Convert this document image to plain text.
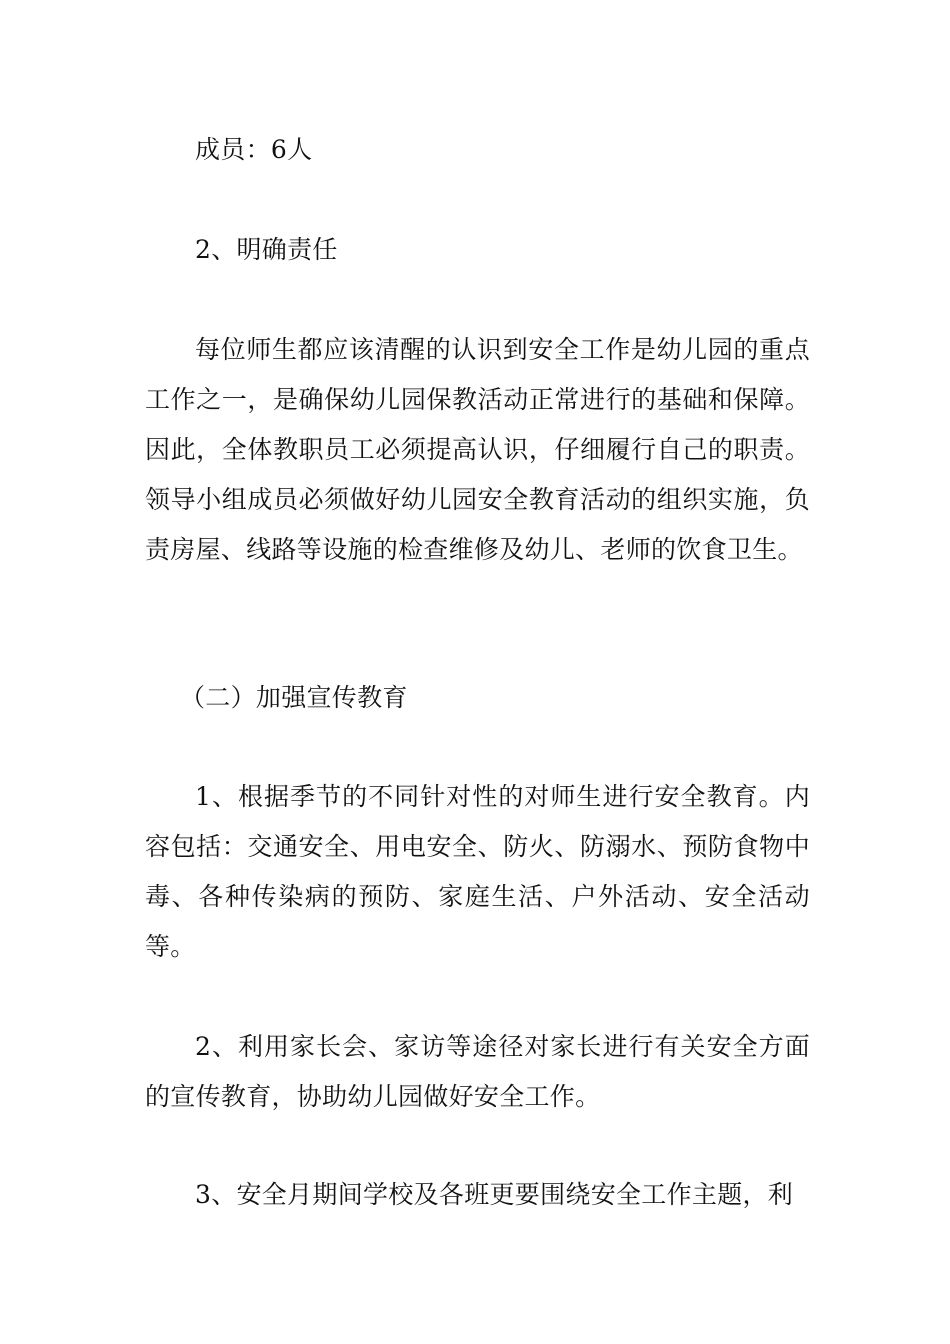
成员：6人

2、明确责任

每位师生都应该清醒的认识到安全工作是幼儿园的重点工作之一，是确保幼儿园保教活动正常进行的基础和保障。因此，全体教职员工必须提高认识，仔细履行自己的职责。领导小组成员必须做好幼儿园安全教育活动的组织实施，负责房屋、线路等设施的检查维修及幼儿、老师的饮食卫生。

（二）加强宣传教育

1、根据季节的不同针对性的对师生进行安全教育。内容包括：交通安全、用电安全、防火、防溺水、预防食物中毒、各种传染病的预防、家庭生活、户外活动、安全活动等。

2、利用家长会、家访等途径对家长进行有关安全方面的宣传教育，协助幼儿园做好安全工作。

3、安全月期间学校及各班更要围绕安全工作主题，利
